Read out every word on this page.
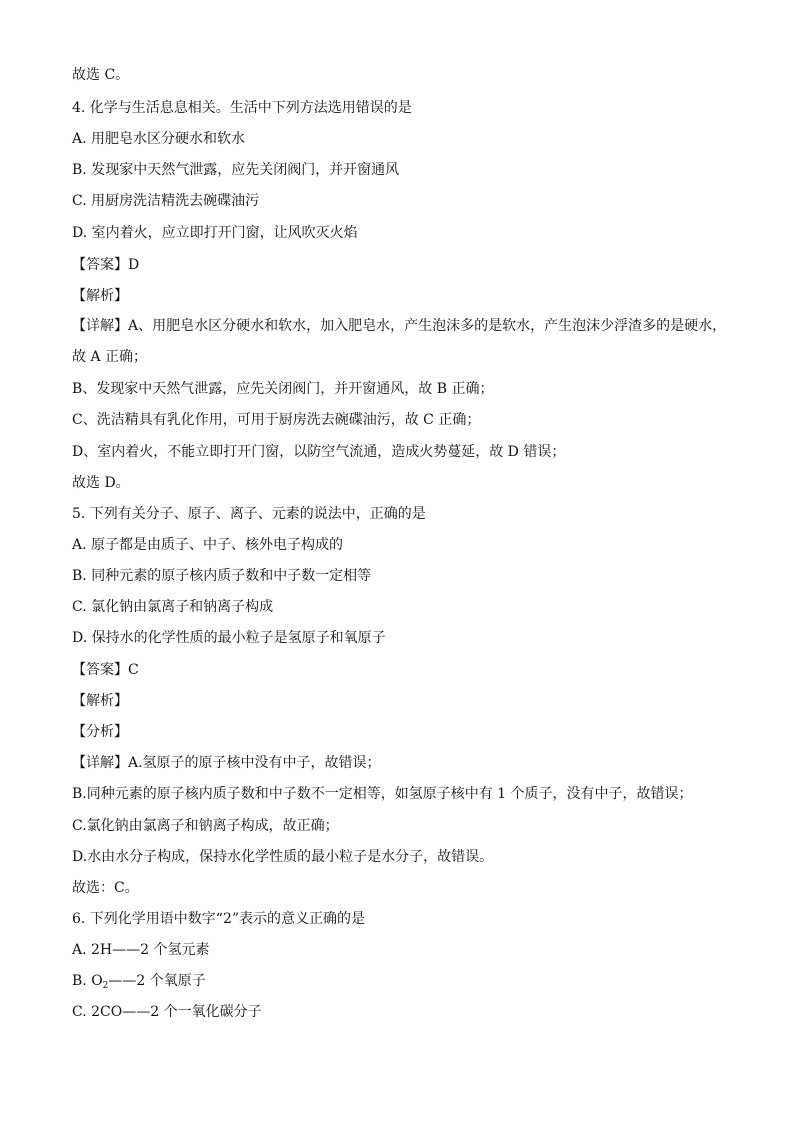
故选 C。
4. 化学与生活息息相关。生活中下列方法选用错误的是
A. 用肥皂水区分硬水和软水
B. 发现家中天然气泄露，应先关闭阀门，并开窗通风
C. 用厨房洗洁精洗去碗碟油污
D. 室内着火，应立即打开门窗，让风吹灭火焰
【答案】D
【解析】
【详解】A、用肥皂水区分硬水和软水，加入肥皂水，产生泡沫多的是软水，产生泡沫少浮渣多的是硬水，故 A 正确；
B、发现家中天然气泄露，应先关闭阀门，并开窗通风，故 B 正确；
C、洗洁精具有乳化作用，可用于厨房洗去碗碟油污，故 C 正确；
D、室内着火，不能立即打开门窗，以防空气流通，造成火势蔓延，故 D 错误；
故选 D。
5. 下列有关分子、原子、离子、元素的说法中，正确的是
A. 原子都是由质子、中子、核外电子构成的
B. 同种元素的原子核内质子数和中子数一定相等
C. 氯化钠由氯离子和钠离子构成
D. 保持水的化学性质的最小粒子是氢原子和氧原子
【答案】C
【解析】
【分析】
【详解】A.氢原子的原子核中没有中子，故错误；
B.同种元素的原子核内质子数和中子数不一定相等，如氢原子核中有 1 个质子，没有中子，故错误；
C.氯化钠由氯离子和钠离子构成，故正确；
D.水由水分子构成，保持水化学性质的最小粒子是水分子，故错误。
故选：C。
6. 下列化学用语中数字“2”表示的意义正确的是
A. 2H——2 个氢元素
B. $O_2——2$ 个氧原子
C. 2CO——2 个一氧化碳分子
